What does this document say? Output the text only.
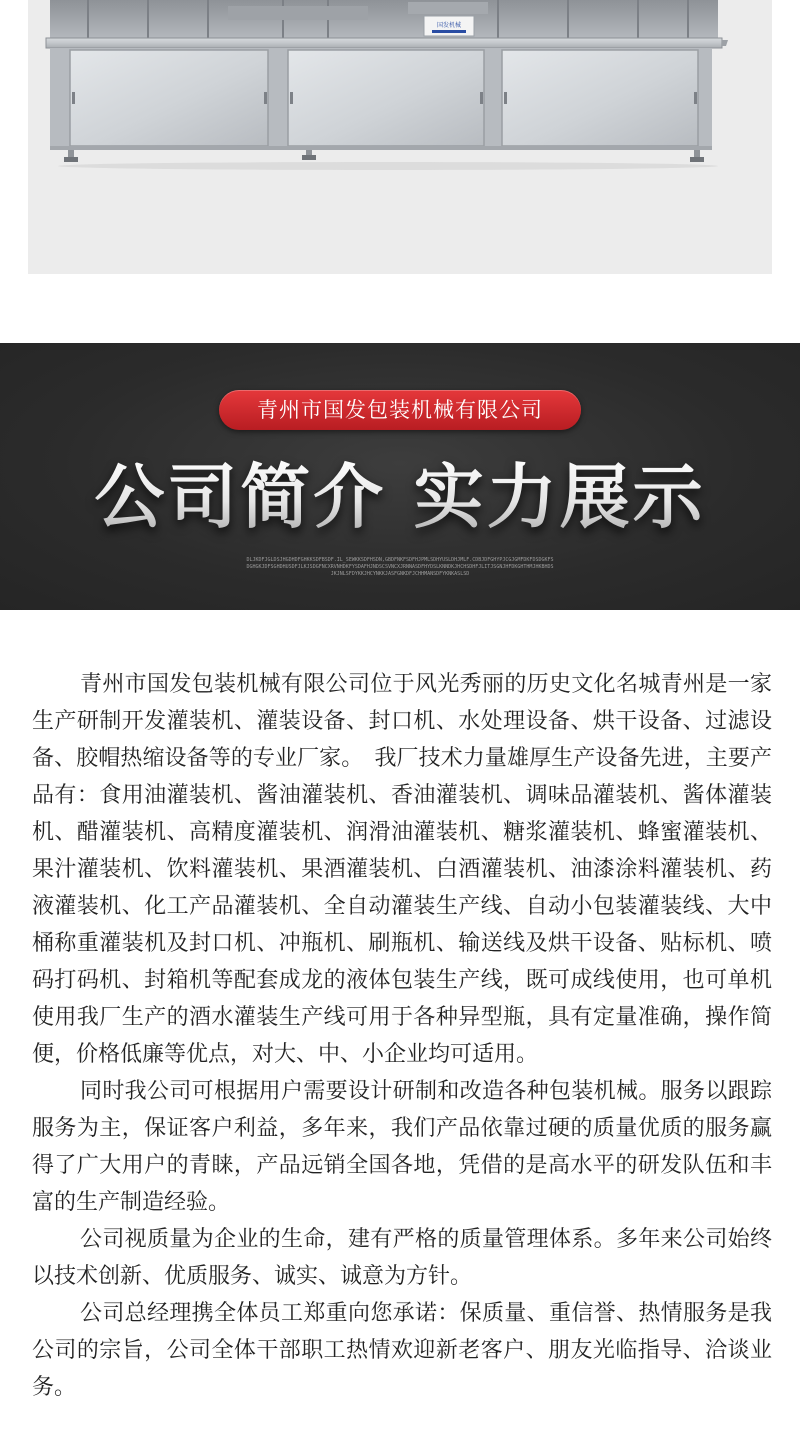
国发机械
青州市国发包装机械有限公司
公司简介 实力展示
DLJKDFJGLDSJHGDHDFGHKKSDFBSDF.IL_SEWKKSDFHSDN,GBDFNKFSDFHJPMLSDHYUSLDHJMLF.CDBJDFGHYPJCGJGMFDKFDSDGKFSDGHGKJDFSGHDHUSDFJLKJSDGFNCXRVNHDKFYSDAFHJNDSCSVNCXJRNNASDFHYDSLKNNDKJHCHSDHFJLITJSGNJHFDKGHTHMJHKBHDSJKJNLSFDYKKJHCYNKKJASFGNKDFJCHHMANSDFYKNKASLSD

青州市国发包装机械有限公司位于风光秀丽的历史文化名城青州是一家生产研制开发灌装机、灌装设备、封口机、水处理设备、烘干设备、过滤设备、胶帽热缩设备等的专业厂家。　我厂技术力量雄厚生产设备先进，主要产品有：食用油灌装机、酱油灌装机、香油灌装机、调味品灌装机、酱体灌装机、醋灌装机、高精度灌装机、润滑油灌装机、糖浆灌装机、蜂蜜灌装机、果汁灌装机、饮料灌装机、果酒灌装机、白酒灌装机、油漆涂料灌装机、药液灌装机、化工产品灌装机、全自动灌装生产线、自动小包装灌装线、大中桶称重灌装机及封口机、冲瓶机、刷瓶机、输送线及烘干设备、贴标机、喷码打码机、封箱机等配套成龙的液体包装生产线，既可成线使用，也可单机使用我厂生产的酒水灌装生产线可用于各种异型瓶，具有定量准确，操作简便，价格低廉等优点，对大、中、小企业均可适用。

同时我公司可根据用户需要设计研制和改造各种包装机械。服务以跟踪服务为主，保证客户利益，多年来，我们产品依靠过硬的质量优质的服务赢得了广大用户的青睐，产品远销全国各地，凭借的是高水平的研发队伍和丰富的生产制造经验。

公司视质量为企业的生命，建有严格的质量管理体系。多年来公司始终以技术创新、优质服务、诚实、诚意为方针。

公司总经理携全体员工郑重向您承诺：保质量、重信誉、热情服务是我公司的宗旨，公司全体干部职工热情欢迎新老客户、朋友光临指导、洽谈业务。
